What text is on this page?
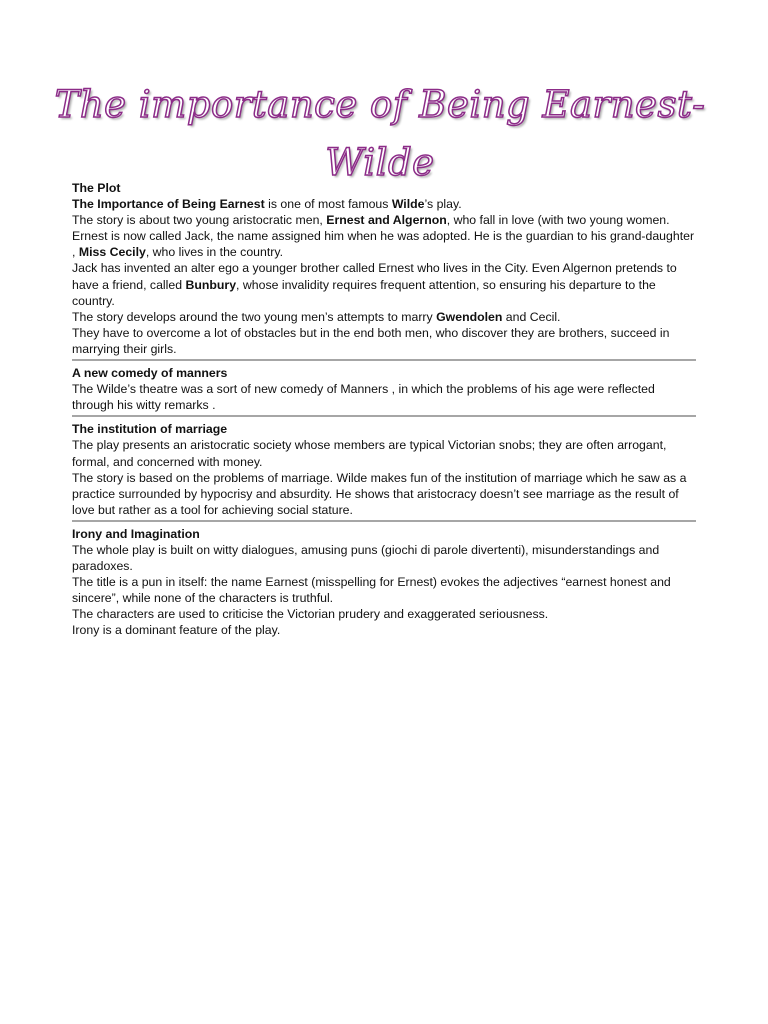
The importance of Being Earnest-
Wilde
The Plot

The Importance of Being Earnest is one of most famous Wilde’s play.

The story is about two young aristocratic men, Ernest and Algernon, who fall in love (with two young women.

Ernest is now called Jack, the name assigned him when he was adopted. He is the guardian to his grand-daughter , Miss Cecily, who lives in the country.

Jack has invented an alter ego a younger brother called Ernest who lives in the City. Even Algernon pretends to have a friend, called Bunbury, whose invalidity requires frequent attention, so ensuring his departure to the country.

The story develops around the two young men’s attempts to marry Gwendolen and Cecil.

They have to overcome a lot of obstacles but in the end both men, who discover they are brothers, succeed in marrying their girls.

A new comedy of manners

The Wilde’s theatre was a sort of new comedy of Manners , in which the problems of his age were reflected through his witty remarks .

The institution of marriage

The play presents an aristocratic society whose members are typical Victorian snobs; they are often arrogant, formal, and concerned with money.

The story is based on the problems of marriage. Wilde makes fun of the institution of marriage which he saw as a practice surrounded by hypocrisy and absurdity. He shows that aristocracy doesn’t see marriage as the result of love but rather as a tool for achieving social stature.

Irony and Imagination

The whole play is built on witty dialogues, amusing puns (giochi di parole divertenti), misunderstandings and paradoxes.

The title is a pun in itself: the name Earnest (misspelling for Ernest) evokes the adjectives “earnest honest and sincere”, while none of the characters is truthful.

The characters are used to criticise the Victorian prudery and exaggerated seriousness.

Irony is a dominant feature of the play.
